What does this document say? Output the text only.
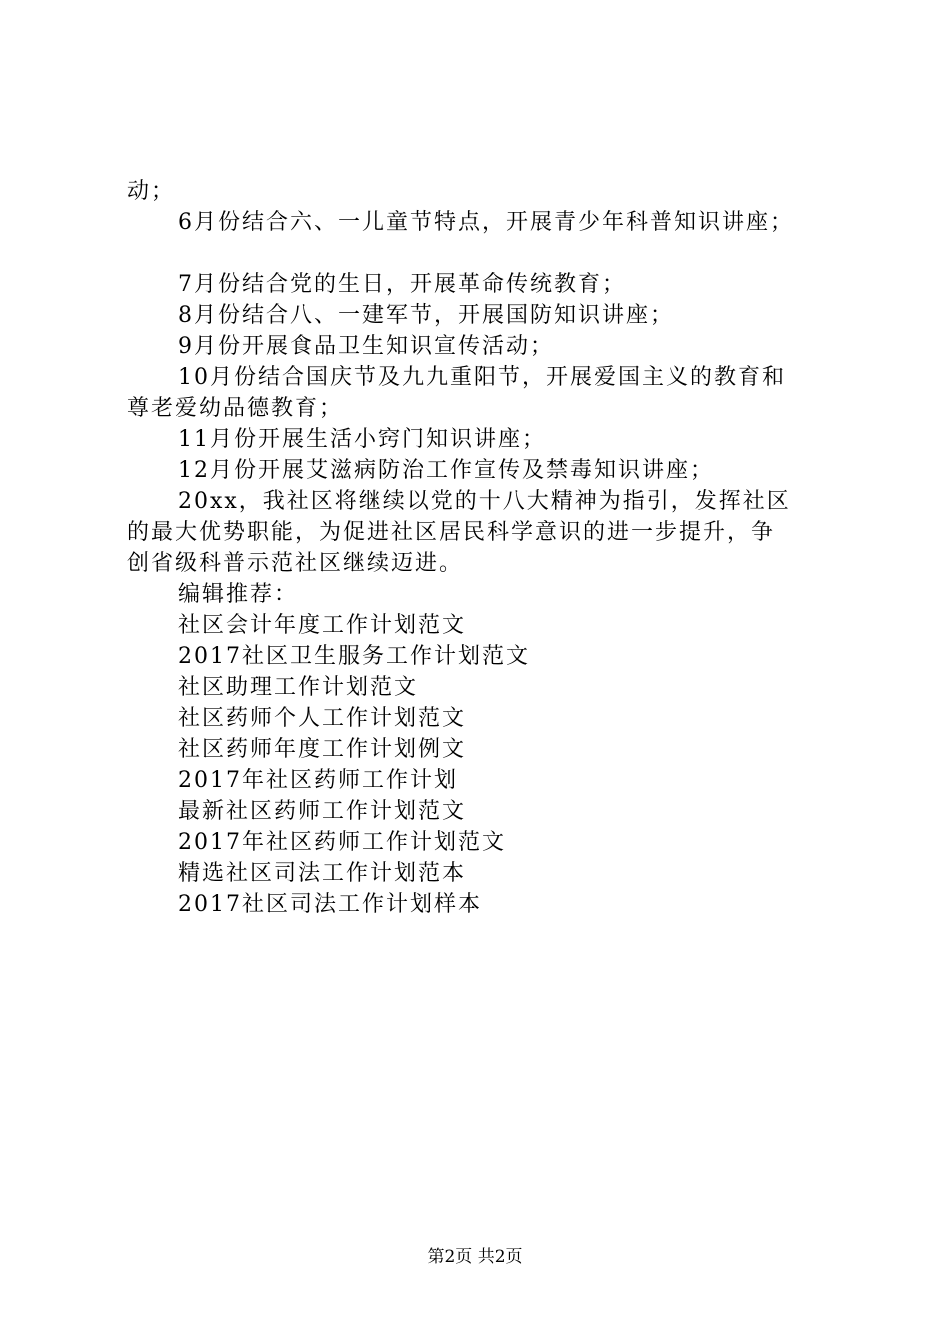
动；
6月份结合六、一儿童节特点，开展青少年科普知识讲座；
7月份结合党的生日，开展革命传统教育；
8月份结合八、一建军节，开展国防知识讲座；
9月份开展食品卫生知识宣传活动；
10月份结合国庆节及九九重阳节，开展爱国主义的教育和
尊老爱幼品德教育；
11月份开展生活小窍门知识讲座；
12月份开展艾滋病防治工作宣传及禁毒知识讲座；
20xx，我社区将继续以党的十八大精神为指引，发挥社区
的最大优势职能，为促进社区居民科学意识的进一步提升，争
创省级科普示范社区继续迈进。
编辑推荐：
社区会计年度工作计划范文
2017社区卫生服务工作计划范文
社区助理工作计划范文
社区药师个人工作计划范文
社区药师年度工作计划例文
2017年社区药师工作计划
最新社区药师工作计划范文
2017年社区药师工作计划范文
精选社区司法工作计划范本
2017社区司法工作计划样本
第2页 共2页
